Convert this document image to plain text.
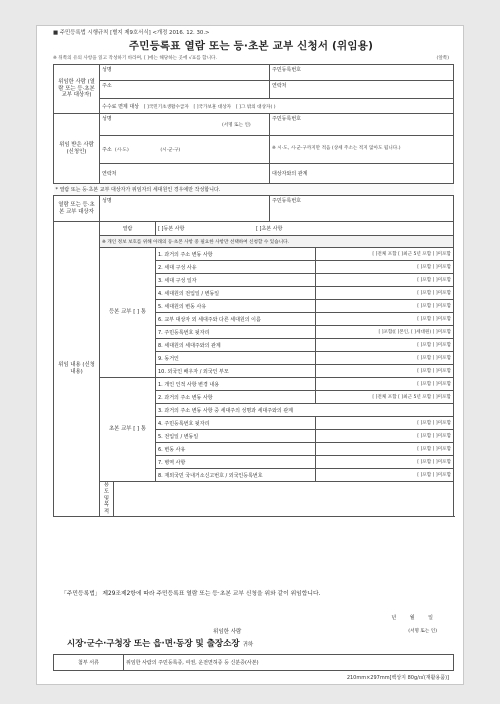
■ 주민등록법 시행규칙 [별지 제9호서식] <개정 2016. 12. 30.>
주민등록표 열람 또는 등·초본 교부 신청서 (위임용)
※ 뒤쪽의 유의 사항을 읽고 작성하기 바라며, [ ]에는 해당하는 곳에 √표를 합니다.	(앞쪽)
위임한 사람 (열람 또는 등·초본 교부 대상자)	성명			주민등록번호	
	주소			연락처	
	수수료 면제 대상 [ ]국민기초생활수급자 [ ]국가보훈 대상자 [ ]그 밖의 대상자( )				
위임 받은 사람 (신청인)	성명
(서명 또는 인)			주민등록번호	
	주소 (시·도) (시·군·구)			※ 시·도, 시·군·구까지만 적음 (상세 주소는 적지 않아도 됩니다.)	
	연락처			대상자와의 관계	
* 열람 또는 등·초본 교부 대상자가 위임자의 세대원인 경우에만 작성합니다.					
열람 또는 등·초본 교부 대상자	성명			주민등록번호	
위임 내용 (신청 내용)	열람		[ ]등본 사항 [ ]초본 사항		
	※ 개인 정보 보호를 위해 아래의 등·초본 사항 중 필요한 사항만 선택하여 신청할 수 있습니다.				
	등본 교부 [ ] 통		1. 과거의 주소 변동 사항		[ ]전체 포함 [ ]최근 5년 포함 [ ]미포함
			2. 세대 구성 사유		[ ]포함 [ ]미포함
			3. 세대 구성 일자		[ ]포함 [ ]미포함
			4. 세대원의 전입일 / 변동일		[ ]포함 [ ]미포함
			5. 세대원의 변동 사유		[ ]포함 [ ]미포함
			6. 교부 대상자 외 세대주와 다른 세대원의 이름		[ ]포함 [ ]미포함
			7. 주민등록번호 뒷자리		[ ]포함([ ]본인, [ ]세대원) [ ]미포함
			8. 세대원의 세대주와의 관계		[ ]포함 [ ]미포함
			9. 동거인		[ ]포함 [ ]미포함
			10. 외국인 배우자 / 외국인 부모		[ ]포함 [ ]미포함
	초본 교부 [ ] 통		1. 개인 인적 사항 변경 내용		[ ]포함 [ ]미포함
			2. 과거의 주소 변동 사항		[ ]전체 포함 [ ]최근 5년 포함 [ ]미포함
			3. 과거의 주소 변동 사항 중 세대주의 성명과 세대주와의 관계		
			4. 주민등록번호 뒷자리		[ ]포함 [ ]미포함
			5. 전입일 / 변동일		[ ]포함 [ ]미포함
			6. 변동 사유		[ ]포함 [ ]미포함
			7. 병역 사항		[ ]포함 [ ]미포함
			8. 재외국민 국내거소신고번호 / 외국인등록번호		[ ]포함 [ ]미포함
	용도 및 목적				
「주민등록법」 제29조제2항에 따라 주민등록표 열람 또는 등·초본 교부 신청을 위와 같이 위임합니다.
년 월 일
위임한 사람	(서명 또는 인)
시장·군수·구청장 또는 읍·면·동장 및 출장소장 귀하
첨부 서류	위임한 사람의 주민등록증, 여권, 운전면허증 등 신분증(사본)
210mm×297mm[백상지 80g/㎡(재활용품)]
